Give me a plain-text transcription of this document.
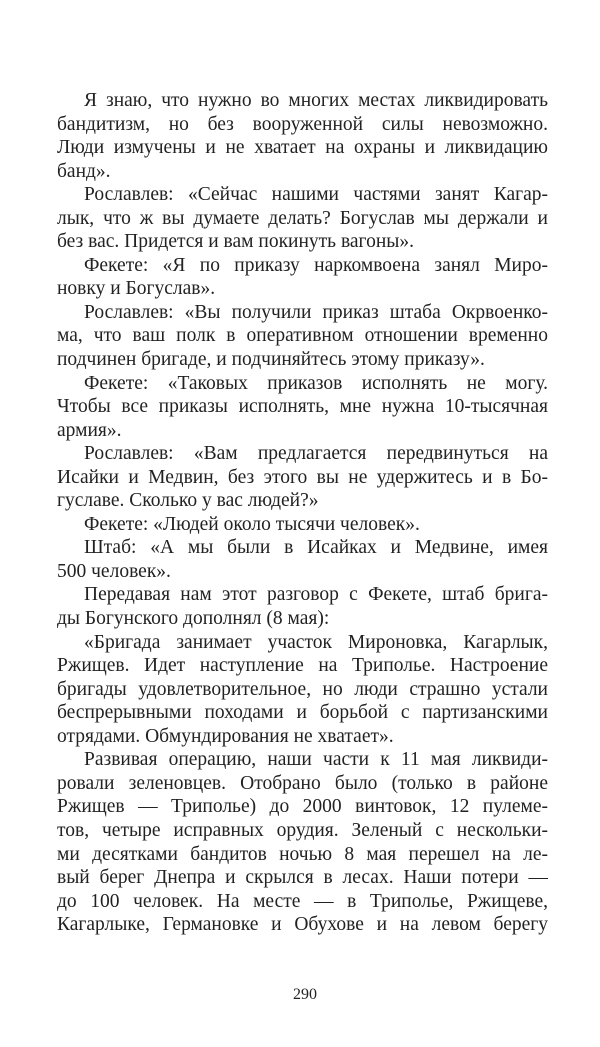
Я знаю, что нужно во многих местах ликвидировать
бандитизм, но без вооруженной силы невозможно.
Люди измучены и не хватает на охраны и ликвидацию
банд».
Рославлев: «Сейчас нашими частями занят Кагар-
лык, что ж вы думаете делать? Богуслав мы держали и
без вас. Придется и вам покинуть вагоны».
Фекете: «Я по приказу наркомвоена занял Миро-
новку и Богуслав».
Рославлев: «Вы получили приказ штаба Окрвоенко-
ма, что ваш полк в оперативном отношении временно
подчинен бригаде, и подчиняйтесь этому приказу».
Фекете: «Таковых приказов исполнять не могу.
Чтобы все приказы исполнять, мне нужна 10-тысячная
армия».
Рославлев: «Вам предлагается передвинуться на
Исайки и Медвин, без этого вы не удержитесь и в Бо-
гуславе. Сколько у вас людей?»
Фекете: «Людей около тысячи человек».
Штаб: «А мы были в Исайках и Медвине, имея
500 человек».
Передавая нам этот разговор с Фекете, штаб брига-
ды Богунского дополнял (8 мая):
«Бригада занимает участок Мироновка, Кагарлык,
Ржищев. Идет наступление на Триполье. Настроение
бригады удовлетворительное, но люди страшно устали
беспрерывными походами и борьбой с партизанскими
отрядами. Обмундирования не хватает».
Развивая операцию, наши части к 11 мая ликвиди-
ровали зеленовцев. Отобрано было (только в районе
Ржищев — Триполье) до 2000 винтовок, 12 пулеме-
тов, четыре исправных орудия. Зеленый с нескольки-
ми десятками бандитов ночью 8 мая перешел на ле-
вый берег Днепра и скрылся в лесах. Наши потери —
до 100 человек. На месте — в Триполье, Ржищеве,
Кагарлыке, Германовке и Обухове и на левом берегу
290
